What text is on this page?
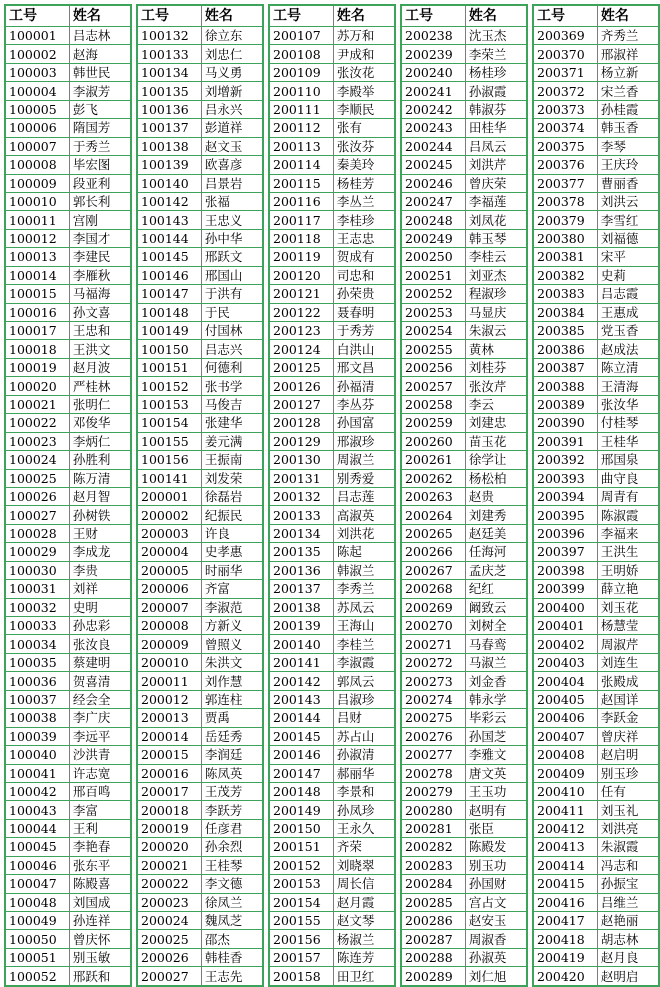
工号	姓名
100001	吕志林
100002	赵海
100003	韩世民
100004	李淑芳
100005	彭飞
100006	隋国芳
100007	于秀兰
100008	毕宏图
100009	段亚利
100010	郭长利
100011	宫刚
100012	李国才
100013	李建民
100014	李雁秋
100015	马福海
100016	孙文喜
100017	王忠和
100018	王洪文
100019	赵月波
100020	严桂林
100021	张明仁
100022	邓俊华
100023	李炳仁
100024	孙胜利
100025	陈万清
100026	赵月智
100027	孙树铁
100028	王财
100029	李成龙
100030	李贵
100031	刘祥
100032	史明
100033	孙忠彩
100034	张汝良
100035	蔡建明
100036	贺喜清
100037	经会全
100038	李广庆
100039	李远平
100040	沙洪青
100041	许志宽
100042	邢百鸣
100043	李富
100044	王利
100045	李艳春
100046	张东平
100047	陈殿喜
100048	刘国成
100049	孙连祥
100050	曾庆怀
100051	别玉敏
100052	邢跃和
工号	姓名
100132	徐立东
100133	刘忠仁
100134	马义勇
100135	刘增新
100136	吕永兴
100137	彭道祥
100138	赵文玉
100139	欧喜彦
100140	吕景岩
100142	张福
100143	王忠义
100144	孙中华
100145	邢跃文
100146	邢国山
100147	于洪有
100148	于民
100149	付国林
100150	吕志兴
100151	何德利
100152	张书学
100153	马俊吉
100154	张建华
100155	姜元满
100156	王振南
100141	刘发荣
200001	徐磊岩
200002	纪振民
200003	许良
200004	史孝惠
200005	时丽华
200006	齐富
200007	李淑范
200008	方新义
200009	曾照义
200010	朱洪文
200011	刘作慧
200012	郭连柱
200013	贾禹
200014	岳廷秀
200015	李润廷
200016	陈凤英
200017	王茂芳
200018	李跃芳
200019	任彦君
200020	孙余烈
200021	王桂琴
200022	李文德
200023	徐凤兰
200024	魏凤芝
200025	邵杰
200026	韩桂香
200027	王志先
工号	姓名
200107	苏万和
200108	尹成和
200109	张汝花
200110	李殿举
200111	李顺民
200112	张有
200113	张汝芬
200114	秦美玲
200115	杨桂芳
200116	李丛兰
200117	李桂珍
200118	王志忠
200119	贺成有
200120	司忠和
200121	孙荣贵
200122	聂春明
200123	于秀芳
200124	白洪山
200125	邢文昌
200126	孙福清
200127	李丛芬
200128	孙国富
200129	邢淑珍
200130	周淑兰
200131	别秀爱
200132	吕志莲
200133	高淑英
200134	刘洪花
200135	陈起
200136	韩淑兰
200137	李秀兰
200138	苏凤云
200139	王海山
200140	李桂兰
200141	李淑霞
200142	郭凤云
200143	吕淑珍
200144	吕财
200145	苏占山
200146	孙淑清
200147	郝丽华
200148	李景和
200149	孙凤珍
200150	王永久
200151	齐荣
200152	刘晓翠
200153	周长信
200154	赵月霞
200155	赵文琴
200156	杨淑兰
200157	陈连芳
200158	田卫红
工号	姓名
200238	沈玉杰
200239	李荣兰
200240	杨桂珍
200241	孙淑霞
200242	韩淑芬
200243	田桂华
200244	吕凤云
200245	刘洪芹
200246	曾庆荣
200247	李福莲
200248	刘凤花
200249	韩玉琴
200250	李桂云
200251	刘亚杰
200252	程淑珍
200253	马显庆
200254	朱淑云
200255	黄林
200256	刘桂芬
200257	张汝芹
200258	李云
200259	刘建忠
200260	苗玉花
200261	徐学让
200262	杨松柏
200263	赵贵
200264	刘建秀
200265	赵廷美
200266	任海河
200267	孟庆芝
200268	纪红
200269	阚致云
200270	刘树全
200271	马春鸾
200272	马淑兰
200273	刘金香
200274	韩永学
200275	毕彩云
200276	孙国芝
200277	李雅文
200278	唐文英
200279	王玉功
200280	赵明有
200281	张臣
200282	陈殿发
200283	别玉功
200284	孙国财
200285	宫占文
200286	赵安玉
200287	周淑香
200288	孙淑英
200289	刘仁旭
工号	姓名
200369	齐秀兰
200370	邢淑祥
200371	杨立新
200372	宋兰香
200373	孙桂霞
200374	韩玉香
200375	李琴
200376	王庆玲
200377	曹丽香
200378	刘洪云
200379	李雪红
200380	刘福德
200381	宋平
200382	史莉
200383	吕志霞
200384	王惠成
200385	党玉香
200386	赵成法
200387	陈立清
200388	王清海
200389	张汝华
200390	付桂琴
200391	王桂华
200392	邢国泉
200393	曲守良
200394	周青有
200395	陈淑霞
200396	李福来
200397	王洪生
200398	王明娇
200399	薛立艳
200400	刘玉花
200401	杨慧莹
200402	周淑芹
200403	刘连生
200404	张殿成
200405	赵国详
200406	李跃金
200407	曾庆祥
200408	赵启明
200409	别玉珍
200410	任有
200411	刘玉礼
200412	刘洪亮
200413	朱淑霞
200414	冯志和
200415	孙振宝
200416	吕维兰
200417	赵艳丽
200418	胡志林
200419	赵月良
200420	赵明启
